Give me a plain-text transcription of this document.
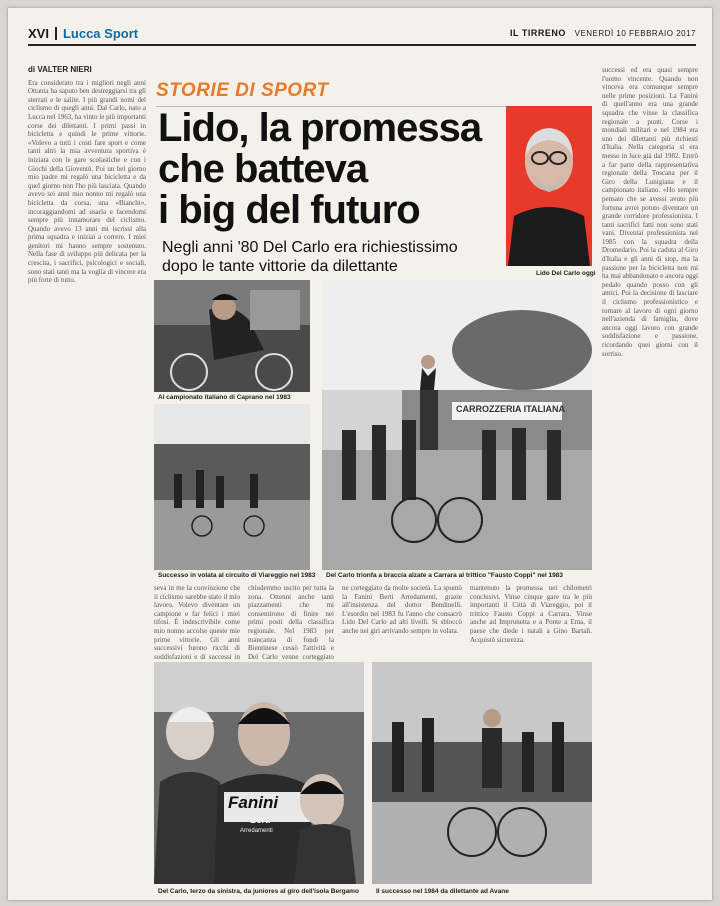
XVI Lucca Sport	IL TIRRENO VENERDÌ 10 FEBBRAIO 2017
di VALTER NIERI
Era considerato tra i migliori negli anni Ottanta ha saputo ben destreggiarsi tra gli sterrati e le salite. I più grandi nomi del ciclismo di quegli anni. Dal Carlo, nato a Lucca nel 1963, ha vinto le più importanti corse dei dilettanti. I primi passi in bicicletta e quindi le prime vittorie. «Volevo a tutti i costi fare sport e come tanti altri la mia avventura sportiva è iniziata con le gare scolastiche e con i Giochi della Gioventù. Poi un bel giorno mio padre mi regalò una bicicletta e da quel giorno non l'ho più lasciata. Quando avevo sei anni mio nonno mi regalò una bicicletta da corsa, una «Bianchi», incoraggiandomi ad usarla e facendomi sempre più innamorare del ciclismo. Quando avevo 13 anni mi iscrissi alla prima squadra e iniziai a correre. I miei genitori mi hanno sempre sostenuto. Nella fase di sviluppo più delicata per la crescita, i sacrifici, psicologici e sociali, sono stati tanti ma la voglia di vincere era più forte di tutto.
STORIE DI SPORT
Lido, la promessa
che batteva
i big del futuro
Negli anni '80 Del Carlo era richiestissimo dopo le tante vittorie da dilettante	Lido Del Carlo oggi
successi ed era quasi sempre l'uomo vincente. Quando non vinceva era comunque sempre nelle prime posizioni. La Fanini di quell'anno era una grande squadra che vinse la classifica regionale a punti. Corse i mondiali militari e nel 1984 era uno dei dilettanti più richiesti d'Italia. Nella categoria si era messo in luce già dal 1982. Entrò a far parte della rappresentativa regionale della Toscana per il Giro della Lunigiana e il campionato italiano. «Ho sempre pensato che se avessi avuto più fortuna avrei potuto diventare un grande corridore professionista. I tanti sacrifici fatti non sono stati vani. Diventai professionista nel 1985 con la squadra della Dromedario. Poi la caduta al Giro d'Italia e gli anni di stop, ma la passione per la bicicletta non mi ha mai abbandonato e ancora oggi pedalo quando posso con gli amici. Poi la decisione di lasciare il ciclismo professionistico e tornare al lavoro di ogni giorno nell'azienda di famiglia, dove ancora oggi lavoro con grande soddisfazione e passione, ricordando quei giorni con il sorriso.
Al campionato italiano di Caprano nel 1983
Successo in volata al circuito di Viareggio nel 1983
CARROZZERIA ITALIANA
Del Carlo trionfa a braccia alzate a Carrara al trittico "Fausto Coppi" nel 1983
seva in me la convinzione che il ciclismo sarebbe stato il mio lavoro. Volevo diventare un campione e far felici i miei tifosi. È indescrivibile come mio nonno accolse queste mie prime vittorie. Gli anni successivi furono ricchi di soddisfazioni e di successi in
chiudemmo uscito per tutta la zona. Ottenni anche tanti piazzamenti che mi consentirono di finire nei primi posti della classifica regionale. Nel 1983 per mancanza di fondi la Bientinese cessò l'attività e Del Carlo venne corteggiato
ne corteggiato da molte società. La spuntò la Fanini Berti Arredamenti, grazie all'insistenza del dottor Bendinelli. L'esordio nel 1983 fu l'anno che consacrò Lido Del Carlo ad alti livelli. Si sbloccò anche nei giri arrivando sempre in volata.
mantenuto la promessa nei chilometri conclusivi. Vinse cinque gare tra le più importanti il Città di Viareggio, poi il trittico Fausto Coppi a Carrara. Vinse anche ad Imprunetta e a Ponte a Ema, il paese che diede i natali a Gino Bartali. Acquistò sicurezza.
Fanini
Berti
Arredamenti
Del Carlo, terzo da sinistra, da juniores al giro dell'isola Bergamo	Il successo nel 1984 da dilettante ad Avane
